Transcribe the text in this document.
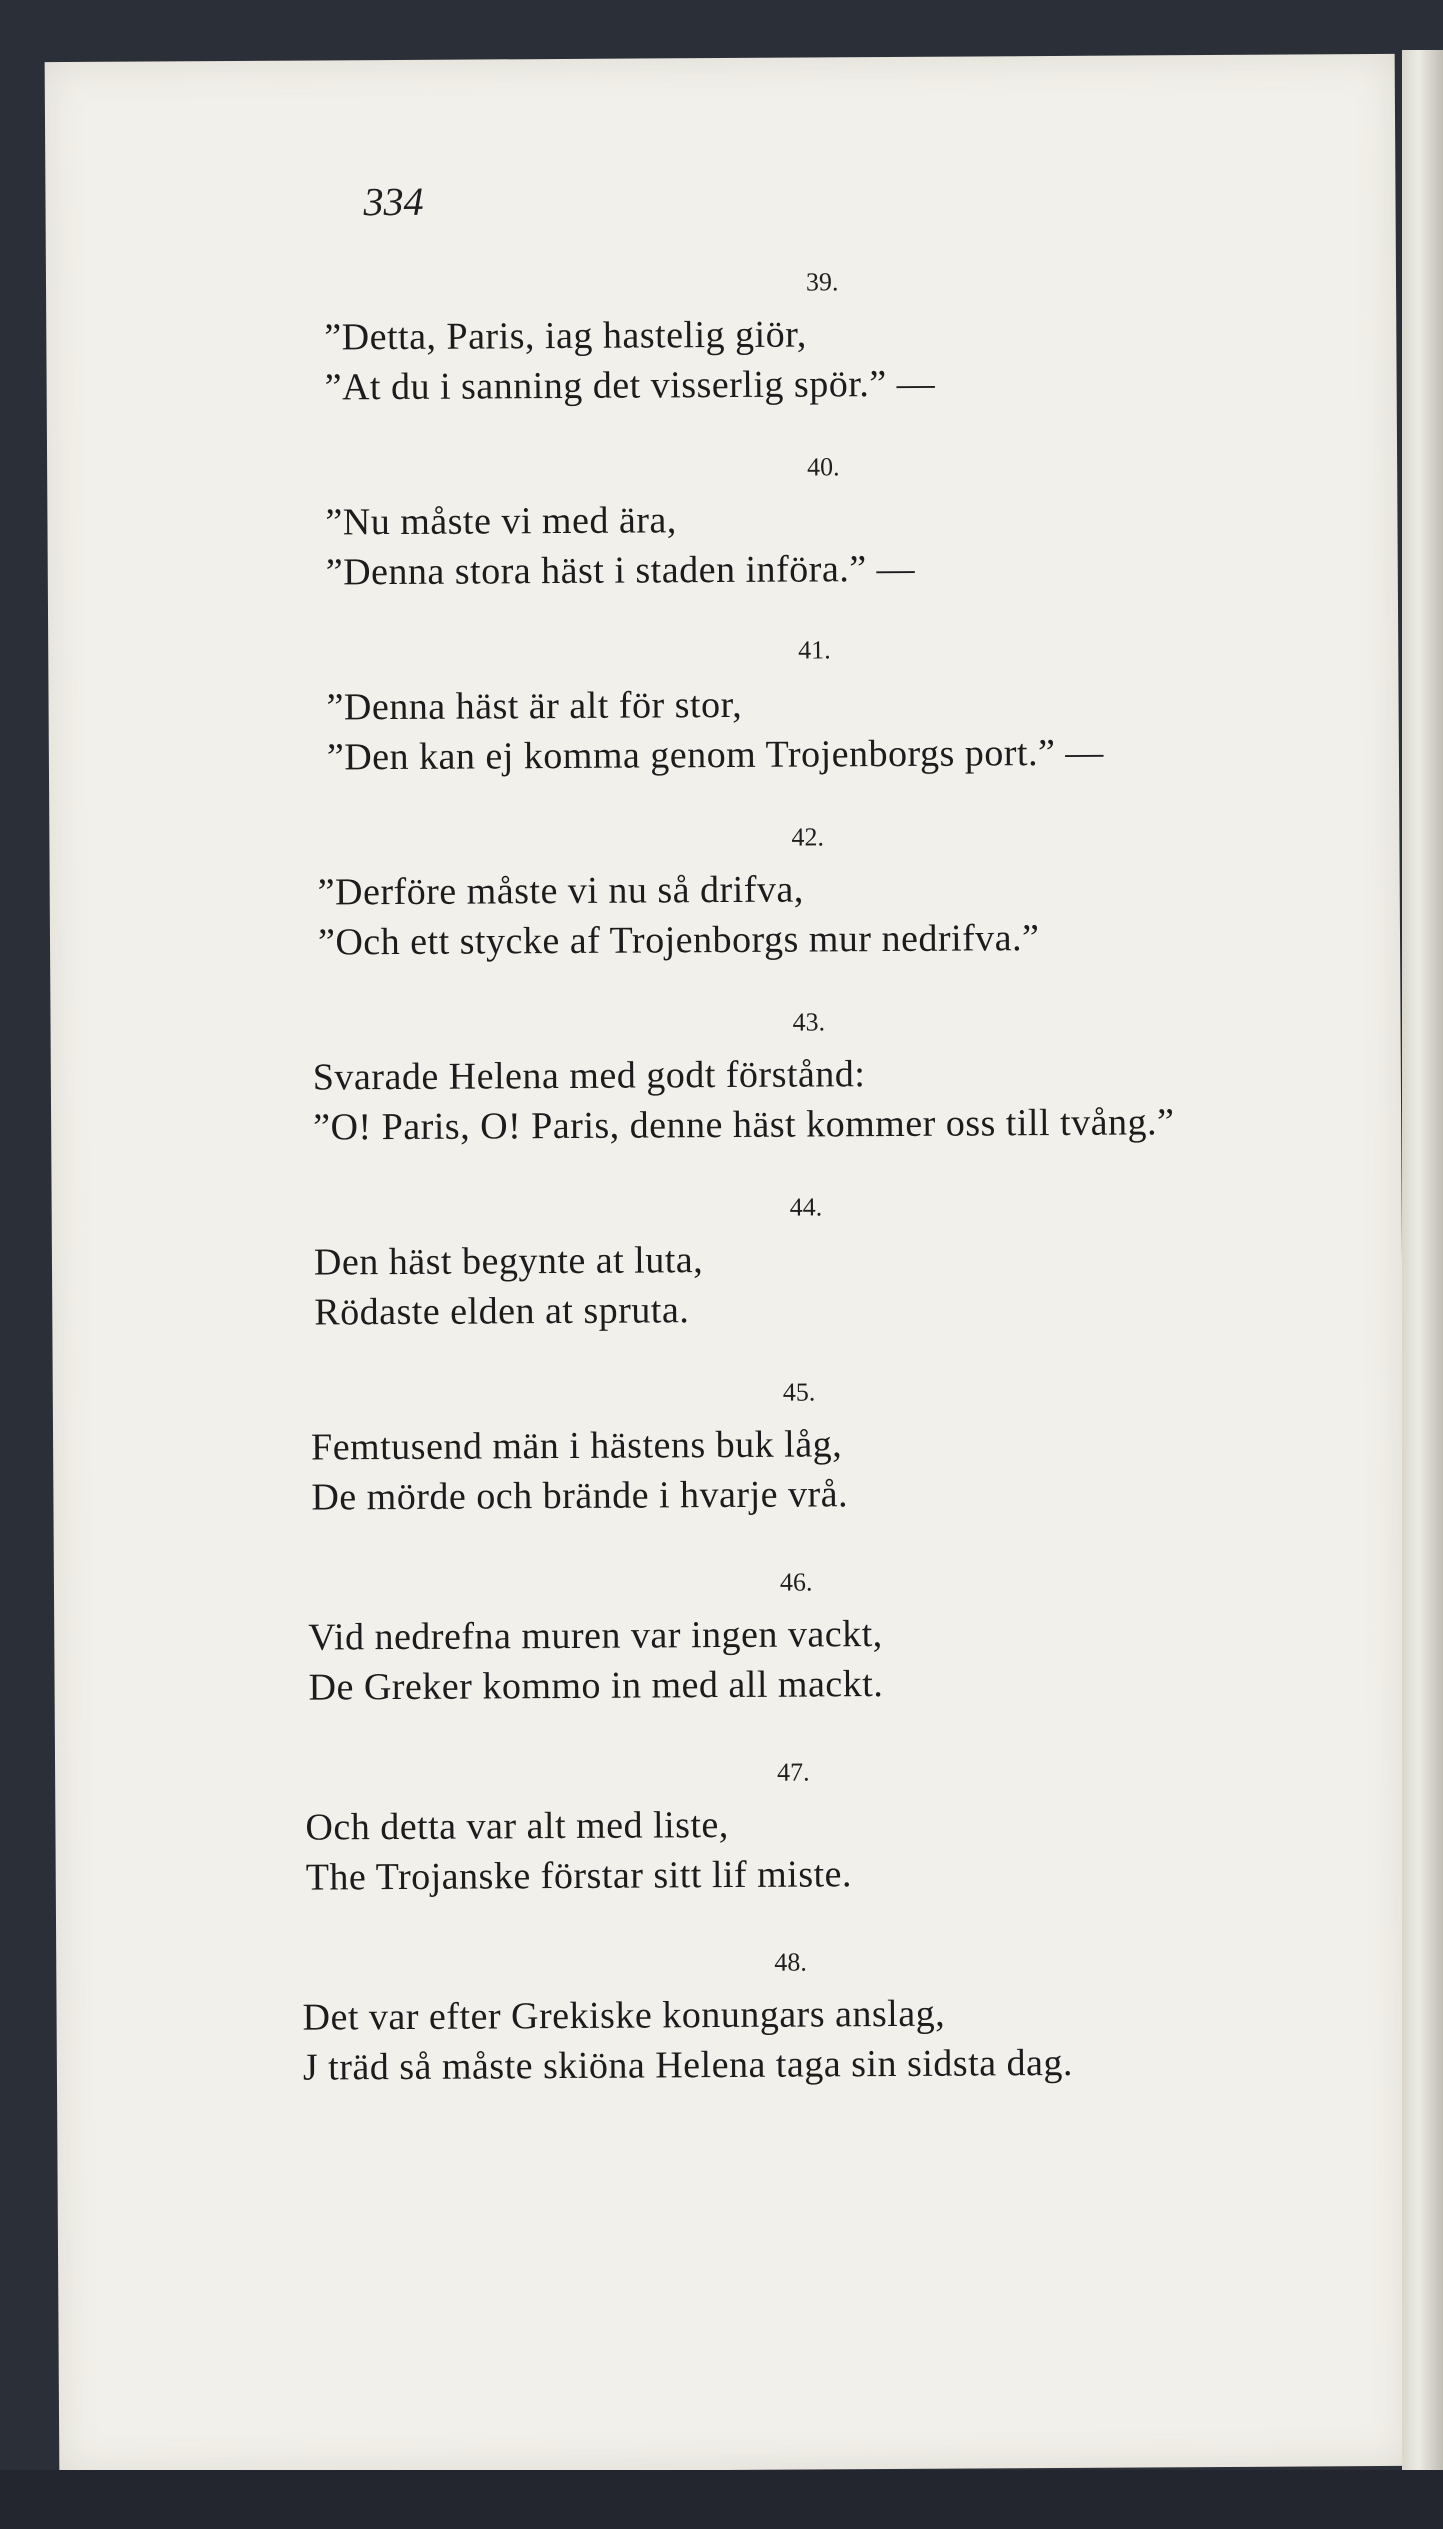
334
39.
”Detta, Paris, iag hastelig giör,
”At du i sanning det visserlig spör.” —
40.
”Nu måste vi med ära,
”Denna stora häst i staden införa.” —
41.
”Denna häst är alt för stor,
”Den kan ej komma genom Trojenborgs port.” —
42.
”Derföre måste vi nu så drifva,
”Och ett stycke af Trojenborgs mur nedrifva.”
43.
Svarade Helena med godt förstånd:
”O! Paris, O! Paris, denne häst kommer oss till tvång.”
44.
Den häst begynte at luta,
Rödaste elden at spruta.
45.
Femtusend män i hästens buk låg,
De mörde och brände i hvarje vrå.
46.
Vid nedrefna muren var ingen vackt,
De Greker kommo in med all mackt.
47.
Och detta var alt med liste,
The Trojanske förstar sitt lif miste.
48.
Det var efter Grekiske konungars anslag,
J träd så måste skiöna Helena taga sin sidsta dag.
